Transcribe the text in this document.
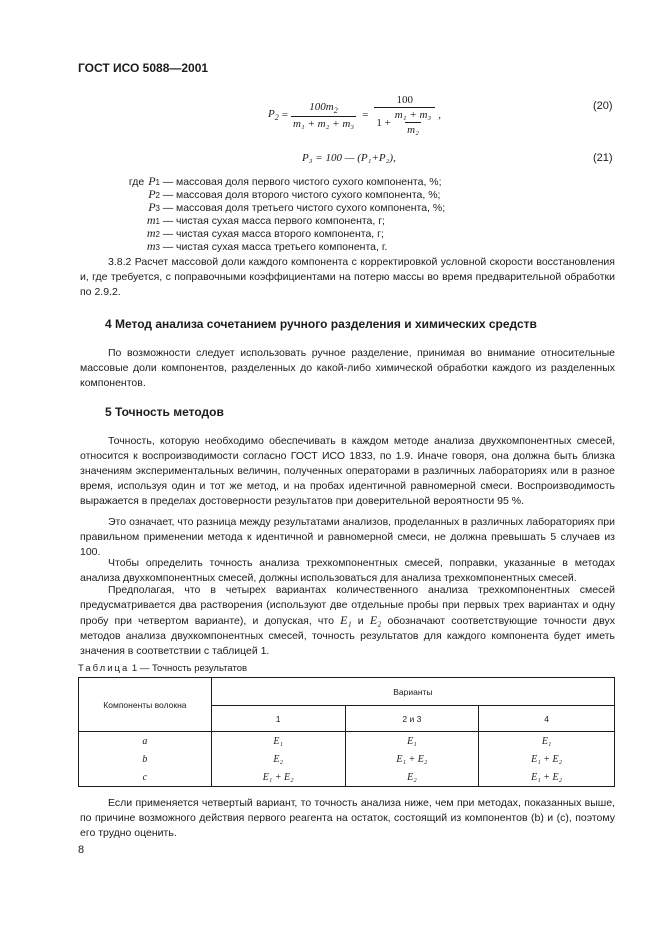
ГОСТ ИСО 5088—2001
$P_2 = \frac{100m_2}{\text{m₁ + m₂ + m₃}} = \frac{100}{1 + \frac{\text{m₁ + m₃}}{\text{m₂}}}$ ,
(20)
P₃ = 100 — (P₁+P₂),	(21)
где P 1 — массовая доля первого чистого сухого компонента, %;
P 2 — массовая доля второго чистого сухого компонента, %;
P 3 — массовая доля третьего чистого сухого компонента, %;
m 1 — чистая сухая масса первого компонента, г;
m 2 — чистая сухая масса второго компонента, г;
m 3 — чистая сухая масса третьего компонента, г.
3.8.2 Расчет массовой доли каждого компонента с корректировкой условной скорости восстановления и, где требуется, с поправочными коэффициентами на потерю массы во время предварительной обработки по 2.9.2.
4 Метод анализа сочетанием ручного разделения и химических средств
По возможности следует использовать ручное разделение, принимая во внимание относительные массовые доли компонентов, разделенных до какой-либо химической обработки каждого из разделенных компонентов.
5 Точность методов
Точность, которую необходимо обеспечивать в каждом методе анализа двухкомпонентных смесей, относится к воспроизводимости согласно ГОСТ ИСО 1833, по 1.9. Иначе говоря, она должна быть близка значениям экспериментальных величин, полученных операторами в различных лабораториях или в разное время, используя один и тот же метод, и на пробах идентичной равномерной смеси. Воспроизводимость выражается в пределах достоверности результатов при доверительной вероятности 95 %.
Это означает, что разница между результатами анализов, проделанных в различных лабораториях при правильном применении метода к идентичной и равномерной смеси, не должна превышать 5 случаев из 100.
Чтобы определить точность анализа трехкомпонентных смесей, поправки, указанные в методах анализа двухкомпонентных смесей, должны использоваться для анализа трехкомпонентных смесей.
Предполагая, что в четырех вариантах количественного анализа трехкомпонентных смесей предусматривается два растворения (используют две отдельные пробы при первых трех вариантах и одну пробу при четвертом варианте), и допуская, что E₁ и E₂ обозначают соответствующие точности двух методов анализа двухкомпонентных смесей, точность результатов для каждого компонента будет иметь значения в соответствии с таблицей 1.
Таблица 1 — Точность результатов
Компоненты волокна	Варианты		
	1	2 и 3	4
a	E₁	E₁	E₁
b	E₂	E₁ + E₂	E₁ + E₂
c	E₁ + E₂	E₂	E₁ + E₂
Если применяется четвертый вариант, то точность анализа ниже, чем при методах, показанных выше, по причине возможного действия первого реагента на остаток, состоящий из компонентов (b) и (c), поэтому его трудно оценить.
8
